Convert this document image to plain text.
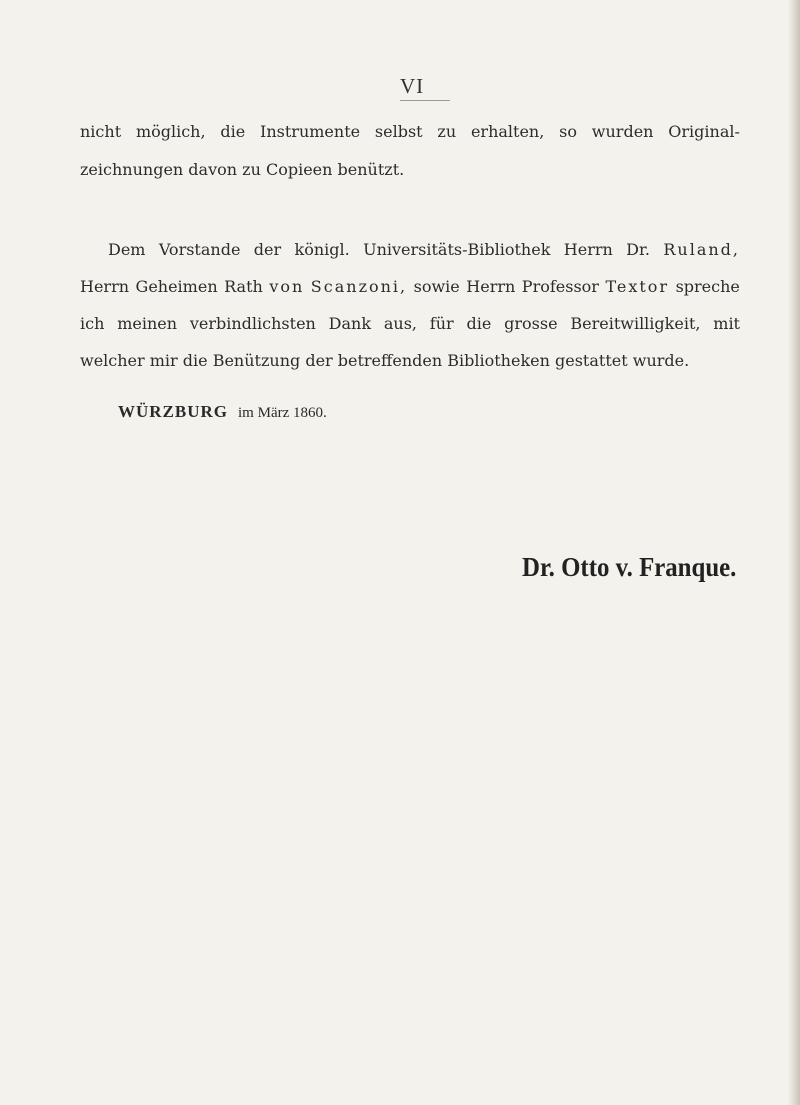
VI
nicht möglich, die Instrumente selbst zu erhalten, so wurden Original-
zeichnungen davon zu Copieen benützt.
Dem Vorstande der königl. Universitäts-Bibliothek Herrn Dr. Ruland,
Herrn Geheimen Rath von Scanzoni, sowie Herrn Professor Textor spreche
ich meinen verbindlichsten Dank aus, für die grosse Bereitwilligkeit, mit
welcher mir die Benützung der betreffenden Bibliotheken gestattet wurde.
WÜRZBURG im März 1860.
Dr. Otto v. Franque.
